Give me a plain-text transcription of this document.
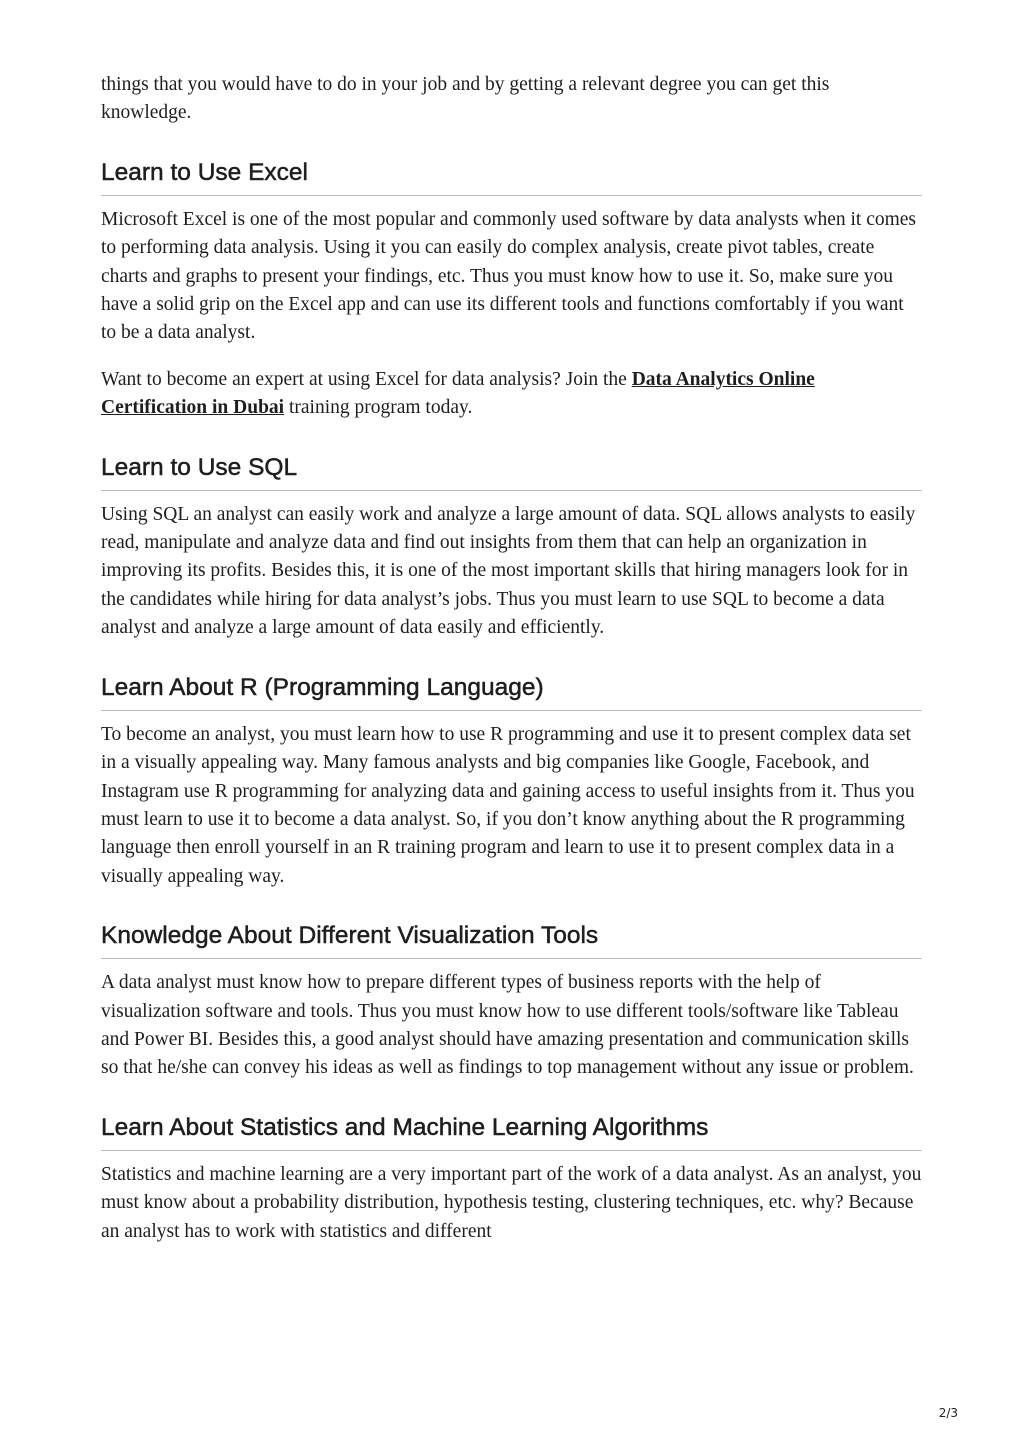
things that you would have to do in your job and by getting a relevant degree you can get this knowledge.

Learn to Use Excel

Microsoft Excel is one of the most popular and commonly used software by data analysts when it comes to performing data analysis. Using it you can easily do complex analysis, create pivot tables, create charts and graphs to present your findings, etc. Thus you must know how to use it. So, make sure you have a solid grip on the Excel app and can use its different tools and functions comfortably if you want to be a data analyst.

Want to become an expert at using Excel for data analysis? Join the Data Analytics Online Certification in Dubai training program today.

Learn to Use SQL

Using SQL an analyst can easily work and analyze a large amount of data. SQL allows analysts to easily read, manipulate and analyze data and find out insights from them that can help an organization in improving its profits. Besides this, it is one of the most important skills that hiring managers look for in the candidates while hiring for data analyst’s jobs. Thus you must learn to use SQL to become a data analyst and analyze a large amount of data easily and efficiently.

Learn About R (Programming Language)

To become an analyst, you must learn how to use R programming and use it to present complex data set in a visually appealing way. Many famous analysts and big companies like Google, Facebook, and Instagram use R programming for analyzing data and gaining access to useful insights from it. Thus you must learn to use it to become a data analyst. So, if you don’t know anything about the R programming language then enroll yourself in an R training program and learn to use it to present complex data in a visually appealing way.

Knowledge About Different Visualization Tools

A data analyst must know how to prepare different types of business reports with the help of visualization software and tools. Thus you must know how to use different tools/software like Tableau and Power BI. Besides this, a good analyst should have amazing presentation and communication skills so that he/she can convey his ideas as well as findings to top management without any issue or problem.

Learn About Statistics and Machine Learning Algorithms

Statistics and machine learning are a very important part of the work of a data analyst. As an analyst, you must know about a probability distribution, hypothesis testing, clustering techniques, etc. why? Because an analyst has to work with statistics and different

2/3
